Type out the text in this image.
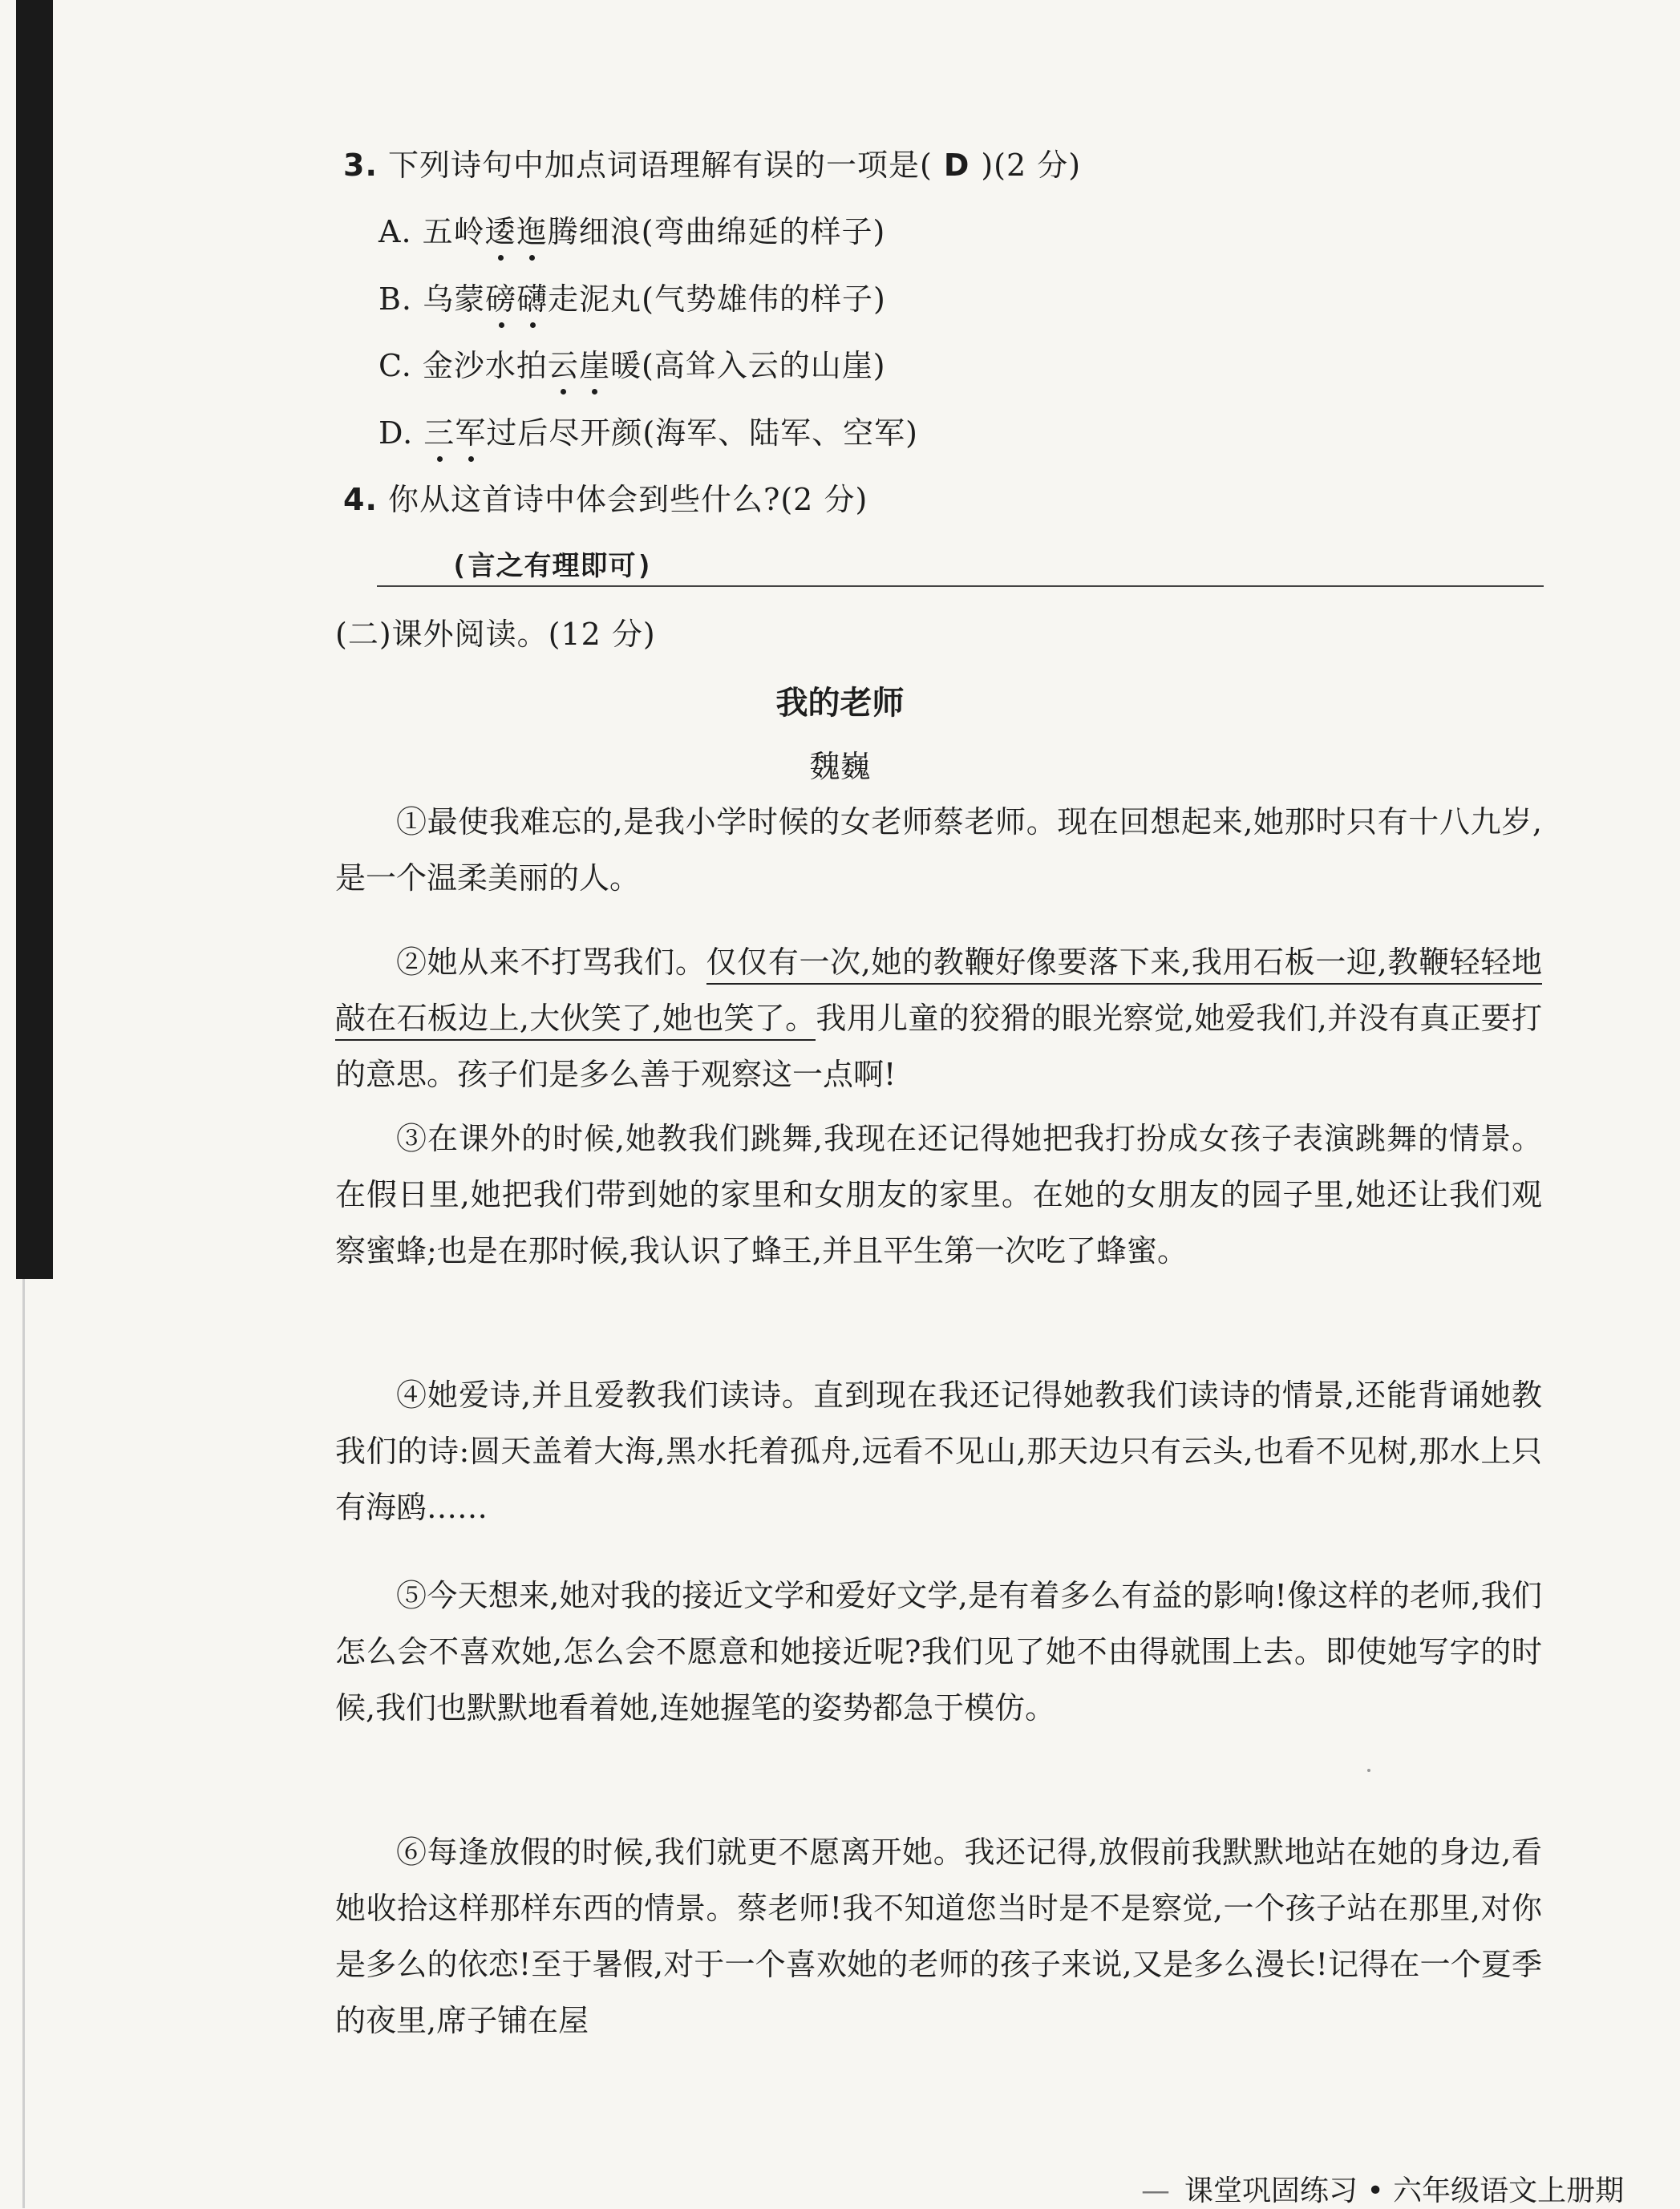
3. 下列诗句中加点词语理解有误的一项是( D )(2 分)
A. 五岭逶迤腾细浪(弯曲绵延的样子)
B. 乌蒙磅礴走泥丸(气势雄伟的样子)
C. 金沙水拍云崖暖(高耸入云的山崖)
D. 三军过后尽开颜(海军、陆军、空军)
4. 你从这首诗中体会到些什么?(2 分)
(言之有理即可)
(二)课外阅读。(12 分)
我的老师
魏巍
①最使我难忘的,是我小学时候的女老师蔡老师。现在回想起来,她那时只有十八九岁,是一个温柔美丽的人。
②她从来不打骂我们。仅仅有一次,她的教鞭好像要落下来,我用石板一迎,教鞭轻轻地敲在石板边上,大伙笑了,她也笑了。我用儿童的狡猾的眼光察觉,她爱我们,并没有真正要打的意思。孩子们是多么善于观察这一点啊!
③在课外的时候,她教我们跳舞,我现在还记得她把我打扮成女孩子表演跳舞的情景。在假日里,她把我们带到她的家里和女朋友的家里。在她的女朋友的园子里,她还让我们观察蜜蜂;也是在那时候,我认识了蜂王,并且平生第一次吃了蜂蜜。
④她爱诗,并且爱教我们读诗。直到现在我还记得她教我们读诗的情景,还能背诵她教我们的诗:圆天盖着大海,黑水托着孤舟,远看不见山,那天边只有云头,也看不见树,那水上只有海鸥……
⑤今天想来,她对我的接近文学和爱好文学,是有着多么有益的影响!像这样的老师,我们怎么会不喜欢她,怎么会不愿意和她接近呢?我们见了她不由得就围上去。即使她写字的时候,我们也默默地看着她,连她握笔的姿势都急于模仿。
⑥每逢放假的时候,我们就更不愿离开她。我还记得,放假前我默默地站在她的身边,看她收拾这样那样东西的情景。蔡老师!我不知道您当时是不是察觉,一个孩子站在那里,对你是多么的依恋!至于暑假,对于一个喜欢她的老师的孩子来说,又是多么漫长!记得在一个夏季的夜里,席子铺在屋
— 课堂巩固练习 • 六年级语文上册期
